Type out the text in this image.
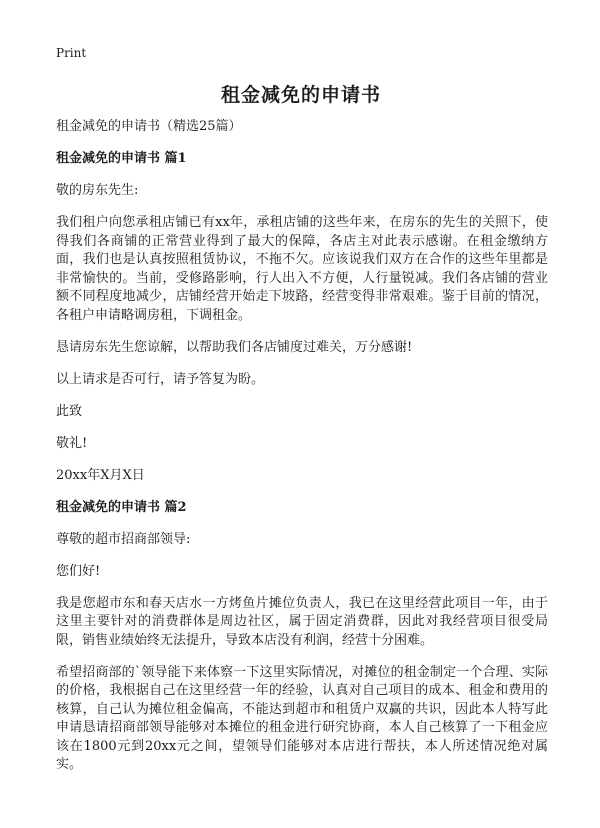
Print
租金减免的申请书

租金减免的申请书（精选25篇）

租金减免的申请书 篇1

敬的房东先生:

我们租户向您承租店铺已有xx年，承租店铺的这些年来，在房东的先生的关照下，使得我们各商铺的正常营业得到了最大的保障，各店主对此表示感谢。在租金缴纳方面，我们也是认真按照租赁协议，不拖不欠。应该说我们双方在合作的这些年里都是非常愉快的。当前，受修路影响，行人出入不方便，人行量锐减。我们各店铺的营业额不同程度地减少，店铺经营开始走下坡路，经营变得非常艰难。鉴于目前的情况，各租户申请略调房租，下调租金。

恳请房东先生您谅解，以帮助我们各店铺度过难关，万分感谢!

以上请求是否可行，请予答复为盼。

此致

敬礼!

20xx年X月X日

租金减免的申请书 篇2

尊敬的超市招商部领导:

您们好!

我是您超市东和春天店水一方烤鱼片摊位负责人，我已在这里经营此项目一年，由于这里主要针对的消费群体是周边社区，属于固定消费群，因此对我经营项目很受局限，销售业绩始终无法提升，导致本店没有利润，经营十分困难。

希望招商部的`领导能下来体察一下这里实际情况，对摊位的租金制定一个合理、实际的价格，我根据自己在这里经营一年的经验，认真对自己项目的成本、租金和费用的核算，自己认为摊位租金偏高，不能达到超市和租赁户双赢的共识，因此本人特写此申请恳请招商部领导能够对本摊位的租金进行研究协商，本人自己核算了一下租金应该在1800元到20xx元之间，望领导们能够对本店进行帮扶，本人所述情况绝对属实。
